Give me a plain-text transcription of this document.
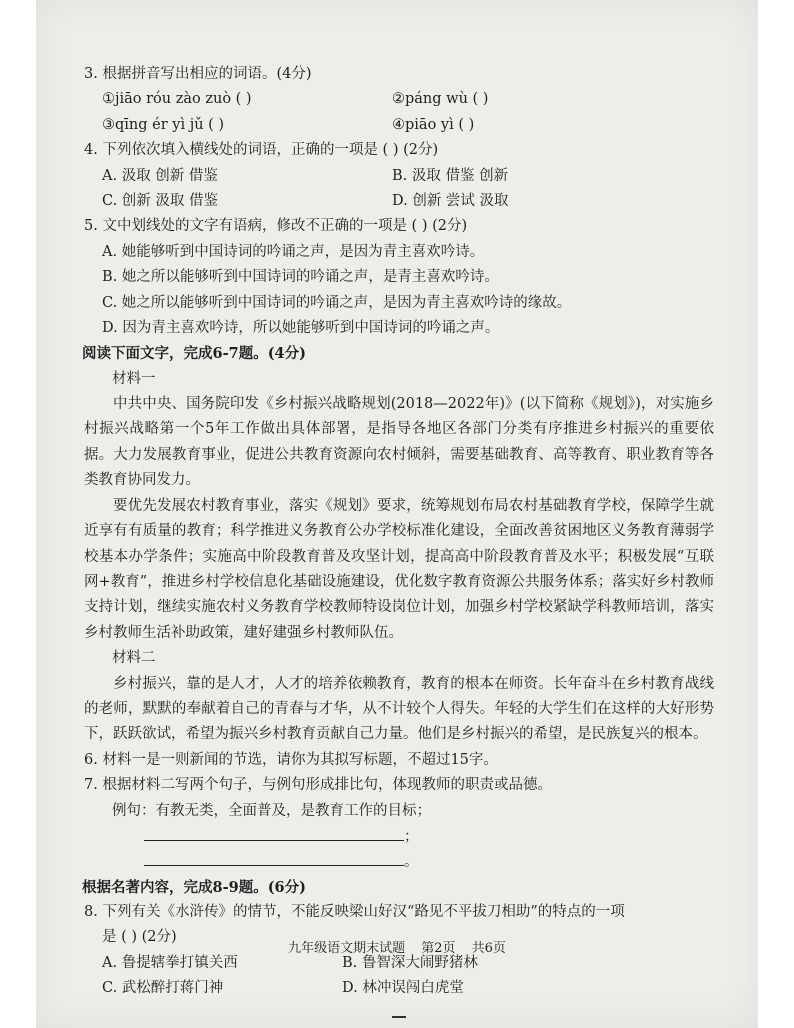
3. 根据拼音写出相应的词语。(4分)
①jiāo róu zào zuò ( )	②páng wù ( )
③qīng ér yì jǔ ( )	④piāo yì ( )
4. 下列依次填入横线处的词语，正确的一项是 ( ) (2分)
A. 汲取 创新 借鉴	B. 汲取 借鉴 创新
C. 创新 汲取 借鉴	D. 创新 尝试 汲取
5. 文中划线处的文字有语病，修改不正确的一项是 ( ) (2分)
A. 她能够听到中国诗词的吟诵之声，是因为青主喜欢吟诗。
B. 她之所以能够听到中国诗词的吟诵之声，是青主喜欢吟诗。
C. 她之所以能够听到中国诗词的吟诵之声，是因为青主喜欢吟诗的缘故。
D. 因为青主喜欢吟诗，所以她能够听到中国诗词的吟诵之声。
阅读下面文字，完成6-7题。(4分)
材料一

中共中央、国务院印发《乡村振兴战略规划(2018—2022年)》(以下简称《规划》)，对实施乡村振兴战略第一个5年工作做出具体部署，是指导各地区各部门分类有序推进乡村振兴的重要依据。大力发展教育事业，促进公共教育资源向农村倾斜，需要基础教育、高等教育、职业教育等各类教育协同发力。

要优先发展农村教育事业，落实《规划》要求，统筹规划布局农村基础教育学校，保障学生就近享有有质量的教育；科学推进义务教育公办学校标准化建设，全面改善贫困地区义务教育薄弱学校基本办学条件；实施高中阶段教育普及攻坚计划，提高高中阶段教育普及水平；积极发展“互联网+教育”，推进乡村学校信息化基础设施建设，优化数字教育资源公共服务体系；落实好乡村教师支持计划，继续实施农村义务教育学校教师特设岗位计划，加强乡村学校紧缺学科教师培训，落实乡村教师生活补助政策，建好建强乡村教师队伍。

材料二

乡村振兴，靠的是人才，人才的培养依赖教育，教育的根本在师资。长年奋斗在乡村教育战线的老师，默默的奉献着自己的青春与才华，从不计较个人得失。年轻的大学生们在这样的大好形势下，跃跃欲试，希望为振兴乡村教育贡献自己力量。他们是乡村振兴的希望，是民族复兴的根本。

6. 材料一是一则新闻的节选，请你为其拟写标题，不超过15字。
7. 根据材料二写两个句子，与例句形成排比句，体现教师的职责或品德。
例句：有教无类，全面普及，是教育工作的目标；
；
。
根据名著内容，完成8-9题。(6分)
8. 下列有关《水浒传》的情节，不能反映梁山好汉“路见不平拔刀相助”的特点的一项
是 ( ) (2分)
A. 鲁提辖拳打镇关西	B. 鲁智深大闹野猪林
C. 武松醉打蒋门神	D. 林冲误闯白虎堂
九年级语文期末试题 第2页 共6页
